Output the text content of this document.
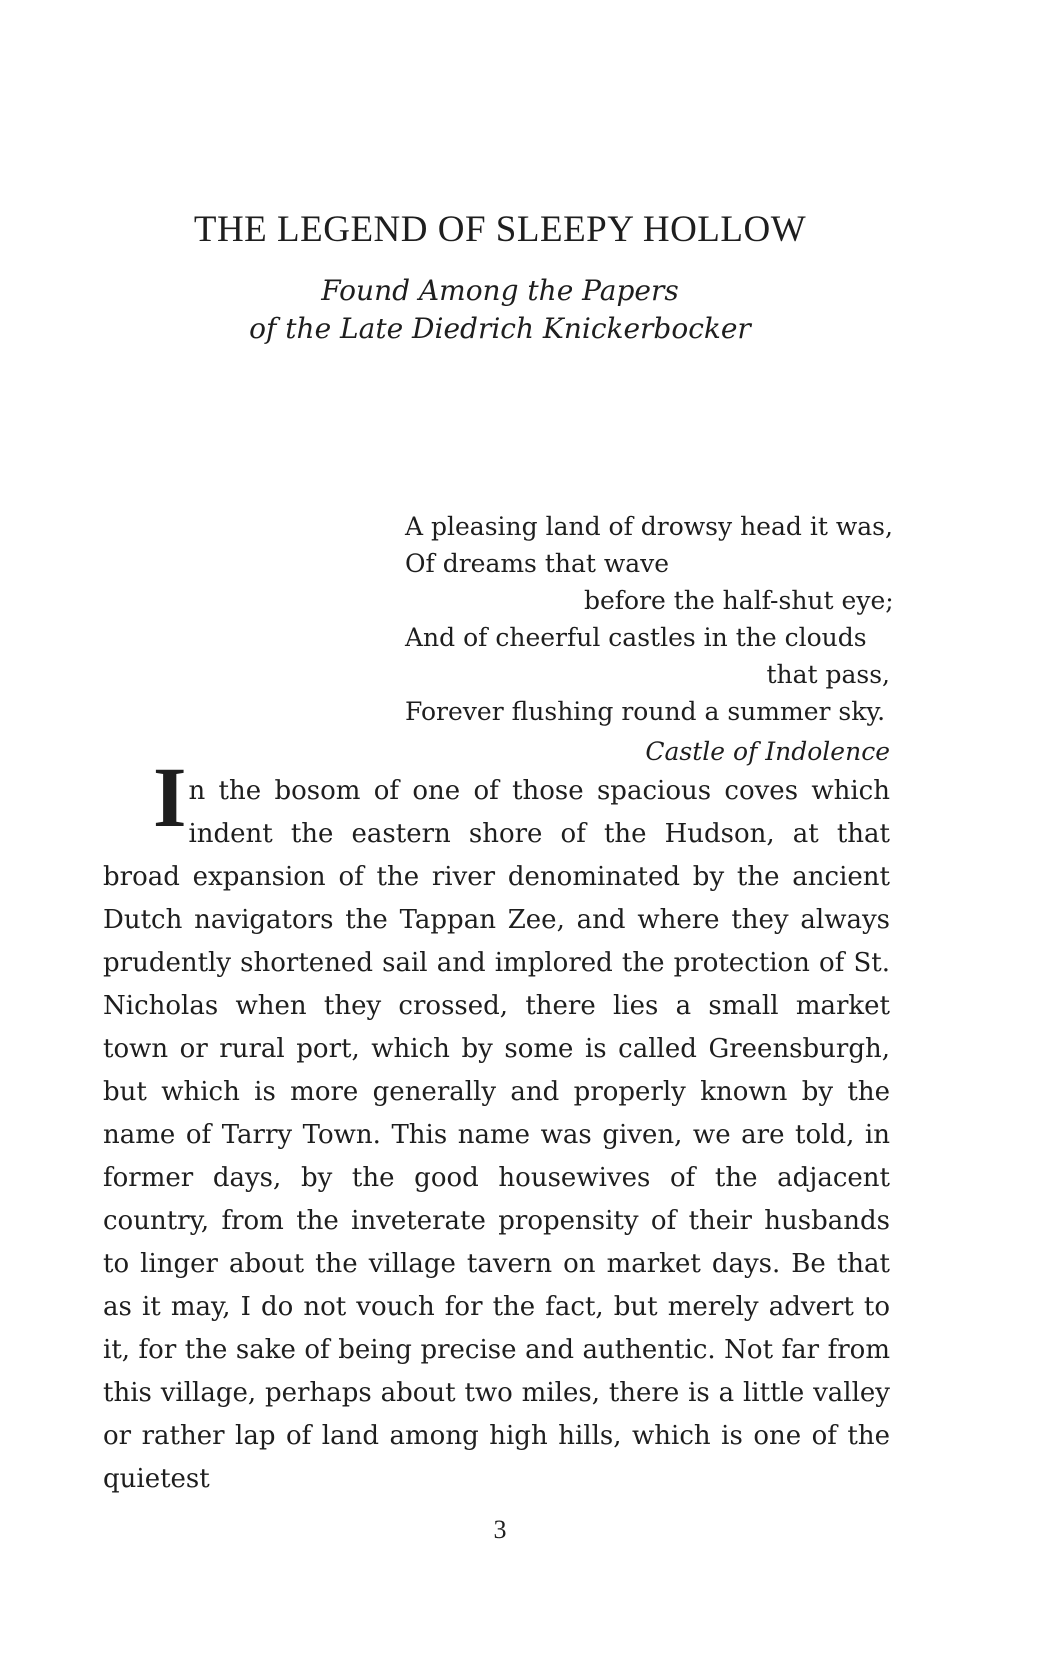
THE LEGEND OF SLEEPY HOLLOW
Found Among the Papers
of the Late Diedrich Knickerbocker
A pleasing land of drowsy head it was,
Of dreams that wave
before the half-shut eye;
And of cheerful castles in the clouds
that pass,
Forever flushing round a summer sky.
Castle of Indolence
In the bosom of one of those spacious coves which indent the eastern shore of the Hudson, at that broad expansion of the river denominated by the ancient Dutch navigators the Tappan Zee, and where they always prudently shortened sail and implored the protection of St. Nicholas when they crossed, there lies a small market town or rural port, which by some is called Greensburgh, but which is more generally and properly known by the name of Tarry Town. This name was given, we are told, in former days, by the good housewives of the adjacent country, from the inveterate propensity of their husbands to linger about the village tavern on market days. Be that as it may, I do not vouch for the fact, but merely advert to it, for the sake of being precise and authentic. Not far from this village, perhaps about two miles, there is a little valley or rather lap of land among high hills, which is one of the quietest
3
